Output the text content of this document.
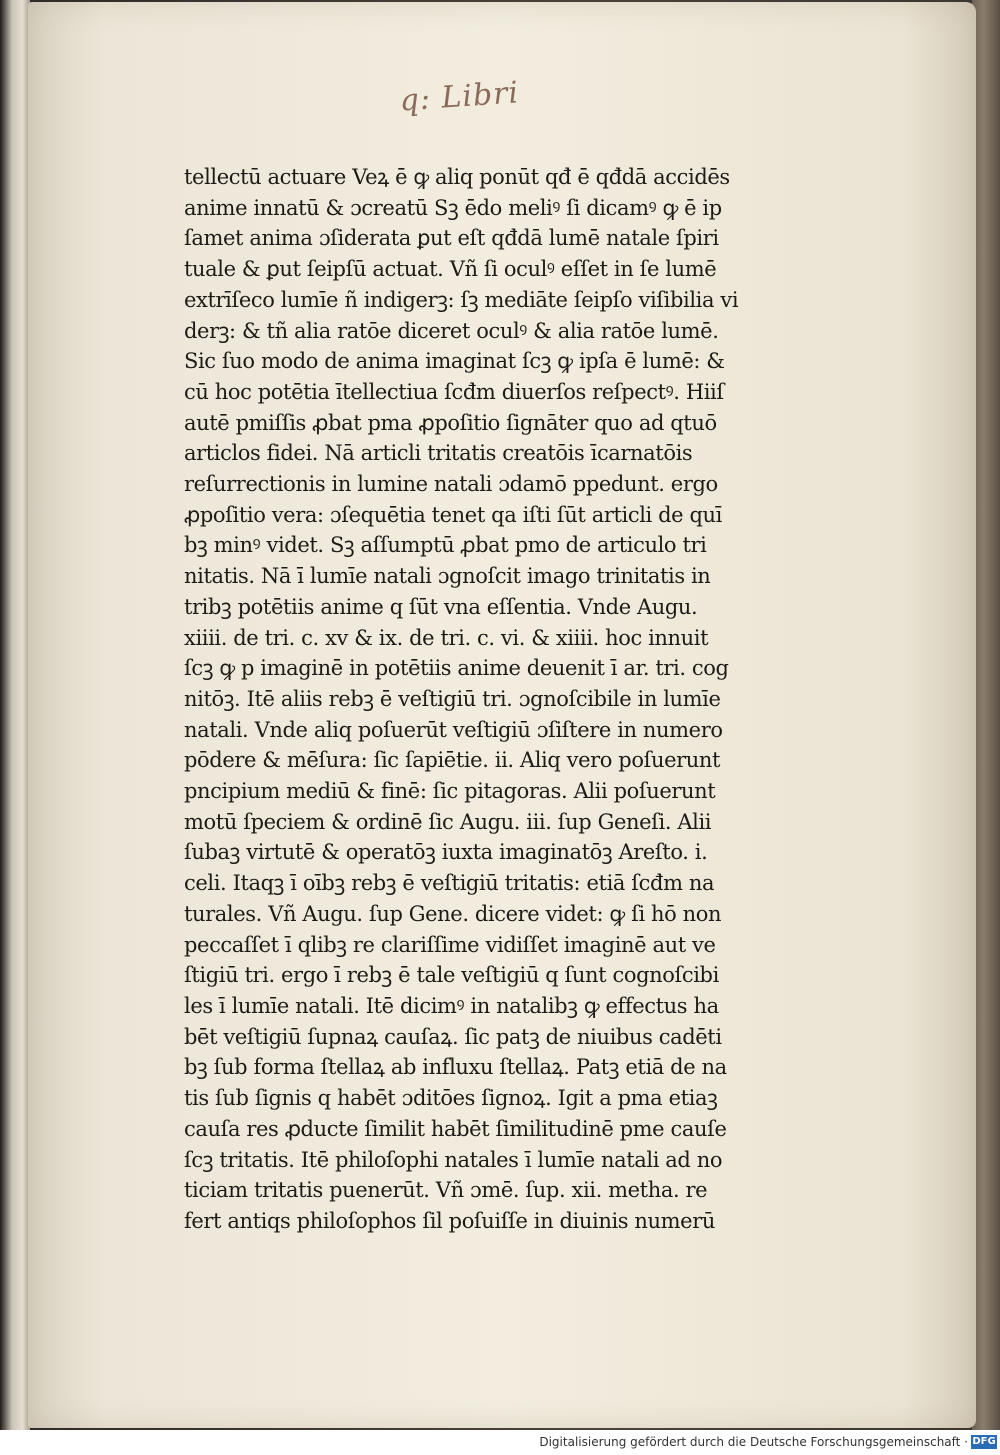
q: Libri
tellectū actuare Veꝝ ē ꝙ aliq ponūt qđ ē qđdā accidēs
anime innatū & ɔcreatū Sꝫ ēdo meliꝰ ſi dicamꝰ ꝙ ē ip
ſamet anima ɔſiderata ꝑut eſt qđdā lumē natale ſpiri
tuale & ꝑut ſeipſū actuat. Vñ ſi oculꝰ eſſet in ſe lumē
extrīſeco lumīe ñ indigerꝫ: ſꝫ mediāte ſeipſo viſibilia vi
derꝫ: & tñ alia ratōe diceret oculꝰ & alia ratōe lumē.
Sic ſuo modo de anima imaginat ſcꝫ ꝙ ipſa ē lumē: &
cū hoc potētia ītellectiua ſcđm diuerſos reſpectꝰ. Hiiſ
autē pmiſſis ꝓbat pma ꝓpoſitio ſignāter quo ad qtuō
articlos fidei. Nā articli tritatis creatōis īcarnatōis
reſurrectionis in lumine natali ɔdamō ppedunt. ergo
ꝓpoſitio vera: ɔſequētia tenet qa iſti ſūt articli de quī
bꝫ minꝰ videt. Sꝫ aſſumptū ꝓbat pmo de articulo tri
nitatis. Nā ī lumīe natali ɔgnoſcit imago trinitatis in
tribꝫ potētiis anime q ſūt vna eſſentia. Vnde Augu.
xiiii. de tri. c. xv & ix. de tri. c. vi. & xiiii. hoc innuit
ſcꝫ ꝙ p imaginē in potētiis anime deuenit ī ar. tri. cog
nitōꝫ. Itē aliis rebꝫ ē veſtigiū tri. ɔgnoſcibile in lumīe
natali. Vnde aliq poſuerūt veſtigiū ɔſiſtere in numero
pōdere & mēſura: ſic ſapiētie. ii. Aliq vero poſuerunt
pncipium mediū & finē: ſic pitagoras. Alii poſuerunt
motū ſpeciem & ordinē ſic Augu. iii. ſup Geneſi. Alii
ſubaꝫ virtutē & operatōꝫ iuxta imaginatōꝫ Areſto. i.
celi. Itaqꝫ ī oībꝫ rebꝫ ē veſtigiū tritatis: etiā ſcđm na
turales. Vñ Augu. ſup Gene. dicere videt: ꝙ ſi hō non
peccaſſet ī qlibꝫ re clariſſime vidiſſet imaginē aut ve
ſtigiū tri. ergo ī rebꝫ ē tale veſtigiū q ſunt cognoſcibi
les ī lumīe natali. Itē dicimꝰ in natalibꝫ ꝙ effectus ha
bēt veſtigiū ſupnaꝝ cauſaꝝ. ſic patꝫ de niuibus cadēti
bꝫ ſub forma ſtellaꝝ ab influxu ſtellaꝝ. Patꝫ etiā de na
tis ſub ſignis q habēt ɔditōes ſignoꝝ. Igit a pma etiaꝫ
cauſa res ꝓducte ſimilit habēt ſimilitudinē pme cauſe
ſcꝫ tritatis. Itē philoſophi natales ī lumīe natali ad no
ticiam tritatis puenerūt. Vñ ɔmē. ſup. xii. metha. re
fert antiqs philoſophos ſil poſuiſſe in diuinis numerū
Digitalisierung gefördert durch die Deutsche Forschungsgemeinschaft · DFG
